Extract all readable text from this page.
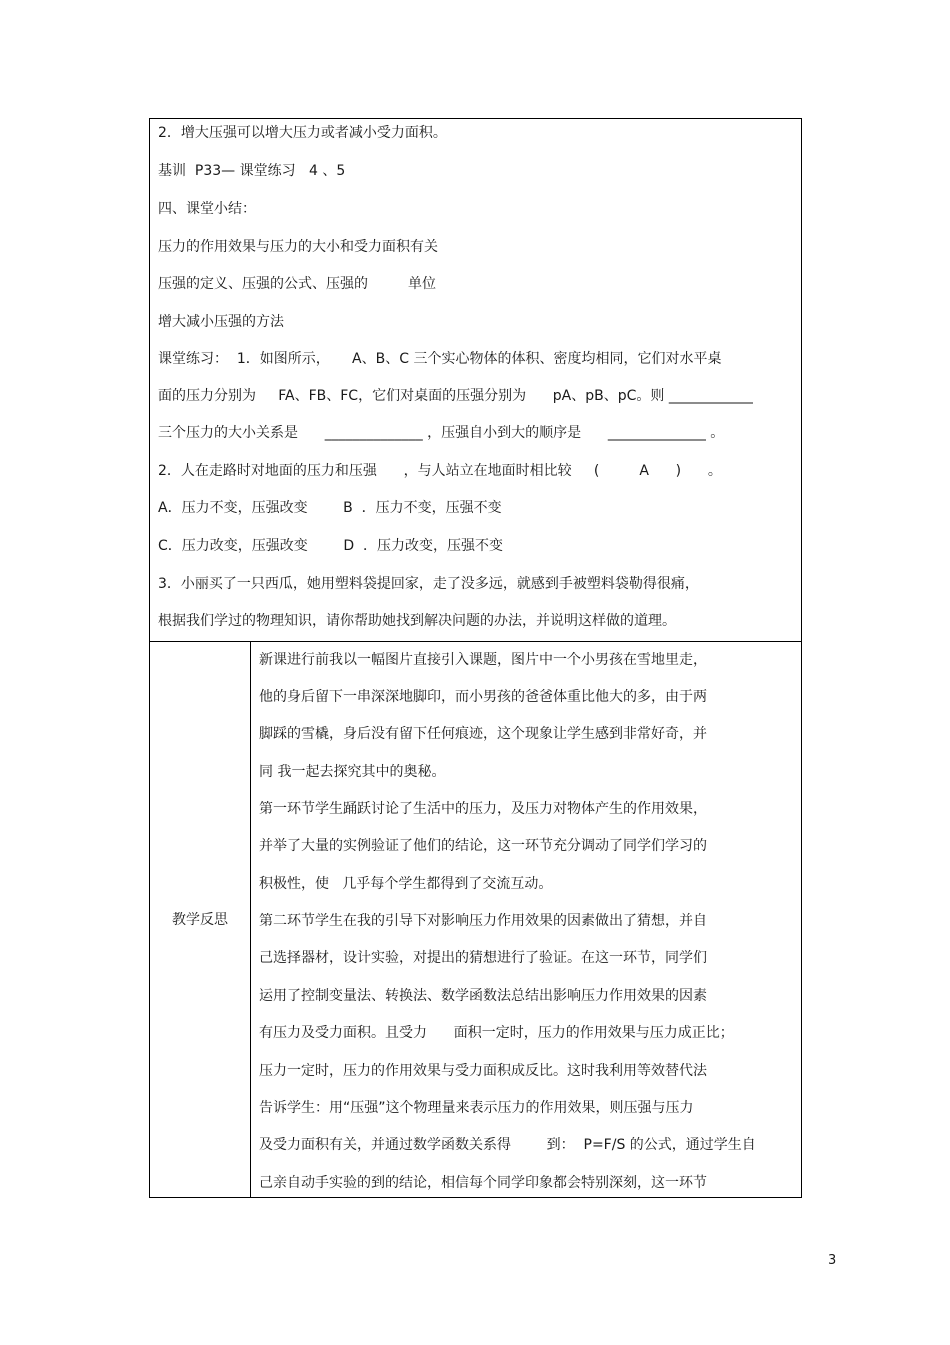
2．增大压强可以增大压力或者减小受力面积。
基训  P33— 课堂练习   4 、5
四、课堂小结：
压力的作用效果与压力的大小和受力面积有关
压强的定义、压强的公式、压强的         单位
增大减小压强的方法
课堂练习：  1．如图所示，     A、B、C 三个实心物体的体积、密度均相同，它们对水平桌
面的压力分别为     FA、FB、FC，它们对桌面的压强分别为      pA、pB、pC。则 ____________
三个压力的大小关系是      ______________ ，压强自小到大的顺序是      ______________ 。
2．人在走路时对地面的压力和压强      ，与人站立在地面时相比较     (         A      )      。
A．压力不变，压强改变        B  ．压力不变，压强不变
C．压力改变，压强改变        D  ．压力改变，压强不变
3．小丽买了一只西瓜，她用塑料袋提回家，走了没多远，就感到手被塑料袋勒得很痛，
根据我们学过的物理知识，请你帮助她找到解决问题的办法，并说明这样做的道理。
教学反思
新课进行前我以一幅图片直接引入课题，图片中一个小男孩在雪地里走，
他的身后留下一串深深地脚印，而小男孩的爸爸体重比他大的多，由于两
脚踩的雪橇，身后没有留下任何痕迹，这个现象让学生感到非常好奇，并
同 我一起去探究其中的奥秘。
第一环节学生踊跃讨论了生活中的压力，及压力对物体产生的作用效果，
并举了大量的实例验证了他们的结论，这一环节充分调动了同学们学习的
积极性，使   几乎每个学生都得到了交流互动。
第二环节学生在我的引导下对影响压力作用效果的因素做出了猜想，并自
己选择器材，设计实验，对提出的猜想进行了验证。在这一环节，同学们
运用了控制变量法、转换法、数学函数法总结出影响压力作用效果的因素
有压力及受力面积。且受力      面积一定时，压力的作用效果与压力成正比；
压力一定时，压力的作用效果与受力面积成反比。这时我利用等效替代法
告诉学生：用“压强”这个物理量来表示压力的作用效果，则压强与压力
及受力面积有关，并通过数学函数关系得        到：  P=F/S 的公式，通过学生自
己亲自动手实验的到的结论，相信每个同学印象都会特别深刻，这一环节
3
